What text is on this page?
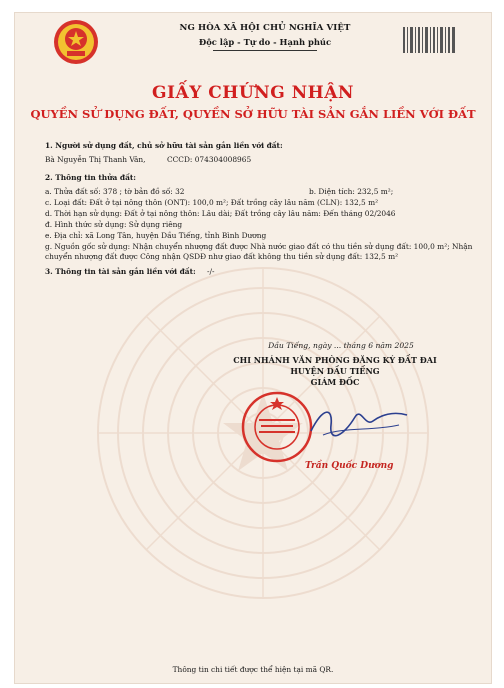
NG HÒA XÃ HỘI CHỦ NGHĨA VIỆT
Độc lập - Tự do - Hạnh phúc
GIẤY CHỨNG NHẬN
QUYỀN SỬ DỤNG ĐẤT, QUYỀN SỞ HỮU TÀI SẢN GẮN LIỀN VỚI ĐẤT
1. Người sử dụng đất, chủ sở hữu tài sản gắn liền với đất:
Bà Nguyễn Thị Thanh Vân,	CCCD: 074304008965
2. Thông tin thửa đất:
a. Thửa đất số: 378 ; tờ bản đồ số: 32	b. Diện tích: 232,5 m²;
c. Loại đất: Đất ở tại nông thôn (ONT): 100,0 m²; Đất trồng cây lâu năm (CLN): 132,5 m²
d. Thời hạn sử dụng: Đất ở tại nông thôn: Lâu dài; Đất trồng cây lâu năm: Đến tháng 02/2046
đ. Hình thức sử dụng: Sử dụng riêng
e. Địa chỉ: xã Long Tân, huyện Dầu Tiếng, tỉnh Bình Dương
g. Nguồn gốc sử dụng: Nhận chuyển nhượng đất được Nhà nước giao đất có thu tiền sử dụng đất: 100,0 m²; Nhận
chuyển nhượng đất được Công nhận QSDĐ như giao đất không thu tiền sử dụng đất: 132,5 m²
3. Thông tin tài sản gắn liền với đất:	-/-
Dầu Tiếng, ngày ... tháng 6 năm 2025
CHI NHÁNH VĂN PHÒNG ĐĂNG KÝ ĐẤT ĐAI
HUYỆN DẦU TIẾNG
GIÁM ĐỐC
Trần Quốc Dương
Thông tin chi tiết được thể hiện tại mã QR.
